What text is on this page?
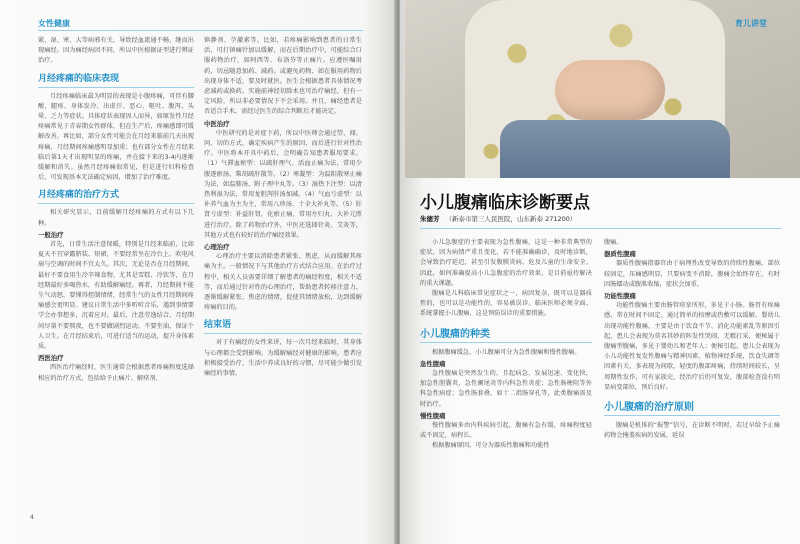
女性健康

紧、湿、寒、大等病邪有关，导致经血流通不畅，继而出现痛经。因为痛经病因不同，所以中医根据证型进行辨证治疗。

月经疼痛的临床表现

月经疼痛临床最为明显的表现是小腹疼痛，可伴有腰酸、腿疼、身体发冷、出虚汗、恶心、呕吐、腹泻、头晕、乏力等症状。具体症状表现因人而异，如原发性月经疼痛常见于青春期女性群体，但在生产后，疼痛感即可缓解改善。再比如，部分女性可能会在月经来临前几天出现疼痛，月经期间疼痛感明显加重；也有部分女性在月经来临后第1天才出现明显的疼痛，并在接下来的3-4内逐渐缓解和消失。虽然月经疼痛很常见，但是进行妇科检查后，可发现基本无法确定病因，增加了治疗难度。

月经疼痛的治疗方式

相关研究显示，目前缓解月经疼痛的方式有以下几种。

一般治疗

首先，日常生活注意保暖，特别是月经来临前，比如夏天不宜穿露脐装、短裙，不要经常坐在冷台上、吹电风扇与空调的时间不宜太久。其次，无论是否在月经期间，最好不要食用生冷辛辣食物，尤其是雪糕、冷饮等，在月经期最好多喝热水，有助缓解痛经。再者，月经期间不能生气动怒，要懂得控制情绪，经常生气的女性月经期间疼痛感会更明显。建议日常生活中多听听音乐，遇到事情要学会办事想多，沉着应对。最后，注意劳逸结合，月经期间尽量不要熬夜，也不要做剧烈运动，不要坐油，保证个人卫生。在月经结束后，可进行适当的运动，提升身体素质。

西医治疗

西医治疗痛经时，医生通常会根据患者疼痛程度选择相应的治疗方式，包括给予止痛片、解痉剂、

镇静剂、孕激素等。比如，若疼痛影响到患者的日常生活，可打镇痛针加以缓解，而在后期治疗中，可能综合口服药物治疗，如阿西等、布洛芬等止痛片。应遵医嘱用药，切忌随意加药、减药。或避免药物、如在服用药物后出现身体不适，要及时就医。医生会根据患者具体情况考虑减药或换药。实施前神经切除术也可治疗痛经，但有一定风险，所以非必要情况下不会采用。并且，痛经患者是否适合手术，需经过医生的综合判断后才能决定。

中医治疗

中医研究的是对症下药，所以中医师会通过望、闻、问、切的方式，确定疾病产生的原因，而后进行针对性治疗。中医将本开具中药后，会明确告知患者服用要求。（1）气滞血瘀型：以疏肝理气、活血止痛为法，常用少腹逐瘀汤、柴胡疏肝散等。（2）寒凝型：为温阳散寒止痛为法，如温肺汤、附子理中丸等。（3）湿热下注型：以清热利湿为法，常用龙胆泻肝汤加减。（4）气血亏虚型：以补养气血为主为主，常用八珍汤、十全大补丸等。（5）肝肾亏虚型：补益肝肾，化瘀止痛，常用左归丸、大补元煎进行治疗。除了药物治疗外，中医还选择针灸、艾灸等，其他方式也有较好的治疗痛经效果。

心理治疗

心理治疗主要以消除患者紧张、焦虑，从而缓解其疼痛为主。一般情况下与其他治疗方式结合应用。在治疗过程中，相关人员需要详细了解患者的痛经程度，相关不适等，而后通过针对性的心理治疗，帮助患者转移注意力、逐渐缓解紧张、焦虑的情绪，促使其情绪放松，达到缓解疼痛的目的。

结束语

对于有痛经的女性来讲，每一次月经来临时，其身体与心理都会受到影响。为缓解痛经对健康的影响，患者应积极接受治疗，生活中养成良好的习惯，尽可能少做引发痛经的事情。

4
育儿讲堂
小儿腹痛临床诊断要点
朱德芳 （新泰市第三人民医院，山东新泰 271200）

小儿急腹症的主要表现为急性腹痛，这是一种非常典型的症状，因为病情严重且变化，若不能准确确诊，及时地诊断，会导致治疗延迟，甚至引发腹膜炎病、危及儿童的生命安全。因此，如何准确提高小儿急腹症的治疗效果，是目前亟待解决的重大课题。

腹痛是儿科临床常见症状之一，病因复杂，既可以是器质性的，也可以是功能性的，容易被误诊。临床医师必须全面、系统掌握小儿腹痛，这是预防误诊的重要措施。

小儿腹痛的种类

根据腹痛缓急，小儿腹痛可分为急性腹痛和慢性腹痛。

急性腹痛

急性腹痛是突然发生的，且起病急、发展迅速、变化快，加急性胆囊炎、急性阑尾炎等内科急性炎症；急性肠梗阻等外科急性病症；急性肠套叠、如十二指肠穿孔等，此类腹痛需及时治疗。

慢性腹痛

慢性腹痛多由内科疾病引起，腹痛有急有缓，疼痛程度轻或不固定，病程长。

根据腹痛原因，可分为器质性腹痛和功能性

腹痛。

器质性腹痛

器质性腹痛指器官由于病理性改变导致的持续性腹痛，部位较固定，压痛感明显，只要病变不消除，腹痛会始终存在，有时因肠蠕动或腹肌收缩，症状会加重。

功能性腹痛

功能性腹痛主要由肠管痉挛所形，多见于小肠。肠胃有疼痛感，常在时间不固定、通过简单的按摩或热敷可以缓解。婴幼儿出现功能性腹痛，主要是由于饮食不节、消化功能素乱等原因引起，患儿会表现为莫名其妙的阵发性哭闹，无精打采，便秘属于腹痛型腹痛，多见于婴幼儿和老年人；便秘引起。患儿会表现为小儿功能性复发性腹痛与精神因素、植物神经系统，饮食失调等因素有关，多表现为间歇，轻度的腹部疼痛，持续时间较长，呈周期性发作，可有家族史，经治疗后仍可复发，腹部检查没有明显病变部位，预后良好。

小儿腹痛的治疗原则

腹痛是机体的“报警”信号，在诊断不明时，若过早给予止痛药物会掩盖疾病的发展，延误
